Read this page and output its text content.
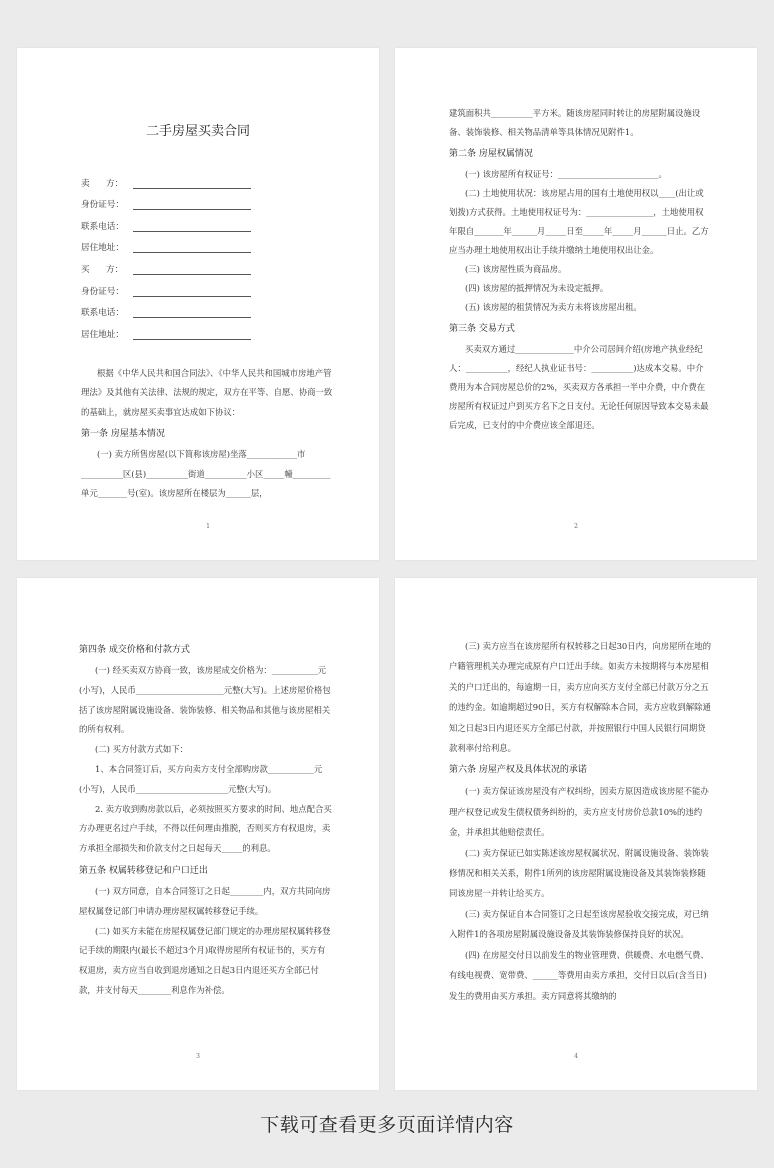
二手房屋买卖合同
卖      方：
身份证号：
联系电话：
居住地址：
买      方：
身份证号：
联系电话：
居住地址：

根据《中华人民共和国合同法》、《中华人民共和国城市房地产管理法》及其他有关法律、法规的规定，双方在平等、自愿、协商一致的基础上，就房屋买卖事宜达成如下协议：

第一条 房屋基本情况

(一) 卖方所售房屋(以下简称该房屋)坐落____________市__________区(县)__________街道__________小区_____幢_________单元_______号(室)。该房屋所在楼层为______层，

1

建筑面积共__________平方米。随该房屋同时转让的房屋附属设施设备、装饰装修、相关物品清单等具体情况见附件1。

第二条 房屋权属情况

(一) 该房屋所有权证号：________________________。

(二) 土地使用状况：该房屋占用的国有土地使用权以____(出让或划拨)方式获得。土地使用权证号为：________________，土地使用权年限自_______年______月_____日至_____年_____月______日止。乙方应当办理土地使用权出让手续并缴纳土地使用权出让金。

(三) 该房屋性质为商品房。

(四) 该房屋的抵押情况为未设定抵押。

(五) 该房屋的租赁情况为卖方未将该房屋出租。

第三条 交易方式

买卖双方通过______________中介公司居间介绍(房地产执业经纪人：__________，经纪人执业证书号：__________)达成本交易。中介费用为本合同房屋总价的2%，买卖双方各承担一半中介费，中介费在房屋所有权证过户到买方名下之日支付。无论任何原因导致本交易未最后完成，已支付的中介费应该全部退还。

2
第四条 成交价格和付款方式

(一) 经买卖双方协商一致，该房屋成交价格为：___________元(小写)，人民币_____________________元整(大写)。上述房屋价格包括了该房屋附属设施设备、装饰装修、相关物品和其他与该房屋相关的所有权利。

(二) 买方付款方式如下：

1、本合同签订后，买方向卖方支付全部购房款___________元(小写)，人民币______________________元整(大写)。

2. 卖方收到购房款以后，必须按照买方要求的时间、地点配合买方办理更名过户手续，不得以任何理由推脱，否则买方有权退房，卖方承担全部损失和价款支付之日起每天_____的利息。

第五条 权属转移登记和户口迁出

(一) 双方同意，自本合同签订之日起________内，双方共同向房屋权属登记部门申请办理房屋权属转移登记手续。

(二) 如买方未能在房屋权属登记部门规定的办理房屋权属转移登记手续的期限内(最长不超过3个月)取得房屋所有权证书的，买方有权退房，卖方应当自收到退房通知之日起3日内退还买方全部已付款，并支付每天________利息作为补偿。

3

(三) 卖方应当在该房屋所有权转移之日起30日内，向房屋所在地的户籍管理机关办理完成原有户口迁出手续。如卖方未按期将与本房屋相关的户口迁出的，每逾期一日，卖方应向买方支付全部已付款万分之五的违约金。如逾期超过90日，买方有权解除本合同，卖方应收到解除通知之日起3日内退还买方全部已付款，并按照银行中国人民银行同期贷款利率付给利息。

第六条 房屋产权及具体状况的承诺

(一) 卖方保证该房屋没有产权纠纷，因卖方原因造成该房屋不能办理产权登记或发生债权债务纠纷的，卖方应支付房价总款10%的违约金，并承担其他赔偿责任。

(二) 卖方保证已如实陈述该房屋权属状况、附属设施设备、装饰装修情况和相关关系，附件1所列的该房屋附属设施设备及其装饰装修随同该房屋一并转让给买方。

(三) 卖方保证自本合同签订之日起至该房屋验收交接完成，对已纳入附件1的各项房屋附属设施设备及其装饰装修保持良好的状况。

(四) 在房屋交付日以前发生的物业管理费、供暖费、水电燃气费、有线电视费、宽带费、______等费用由卖方承担，交付日以后(含当日)发生的费用由买方承担。卖方同意将其缴纳的

4
下载可查看更多页面详情内容
